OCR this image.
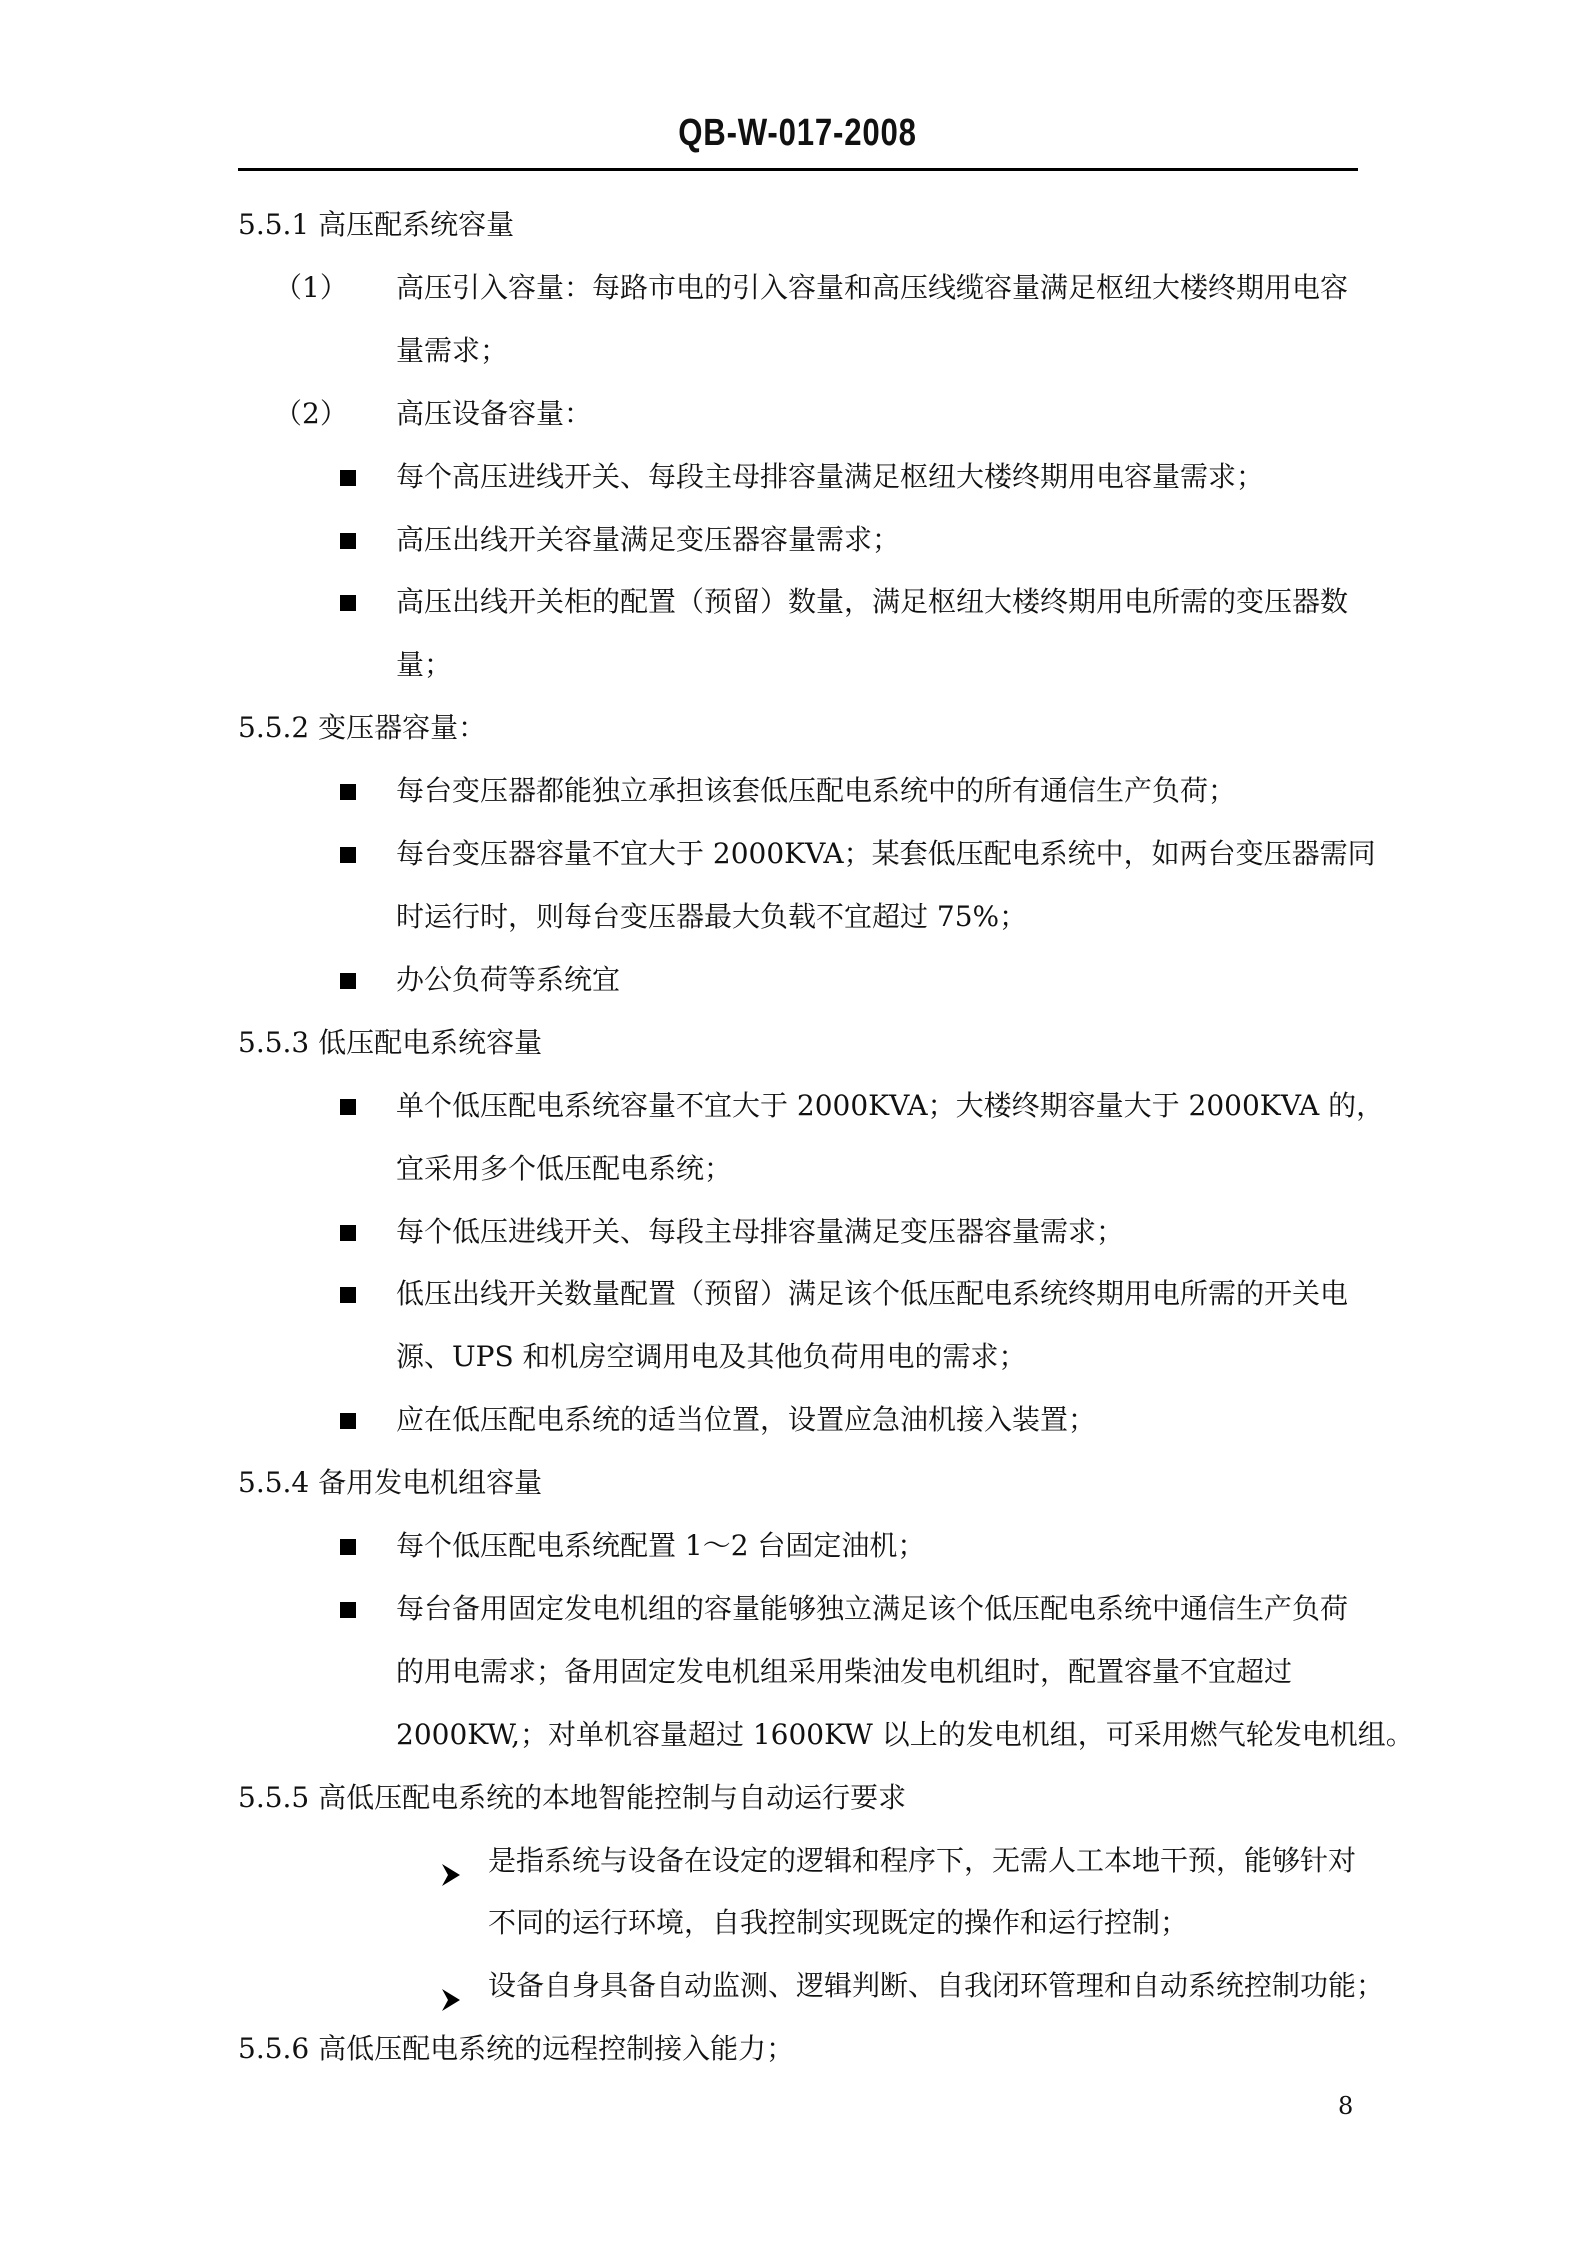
QB-W-017-2008
5.5.1 高压配系统容量
（1） 高压引入容量：每路市电的引入容量和高压线缆容量满足枢纽大楼终期用电容
量需求；
（2） 高压设备容量：
每个高压进线开关、每段主母排容量满足枢纽大楼终期用电容量需求；
高压出线开关容量满足变压器容量需求；
高压出线开关柜的配置（预留）数量，满足枢纽大楼终期用电所需的变压器数
量；
5.5.2 变压器容量：
每台变压器都能独立承担该套低压配电系统中的所有通信生产负荷；
每台变压器容量不宜大于 2000KVA；某套低压配电系统中，如两台变压器需同
时运行时，则每台变压器最大负载不宜超过 75%；
办公负荷等系统宜
5.5.3 低压配电系统容量
单个低压配电系统容量不宜大于 2000KVA；大楼终期容量大于 2000KVA 的，
宜采用多个低压配电系统；
每个低压进线开关、每段主母排容量满足变压器容量需求；
低压出线开关数量配置（预留）满足该个低压配电系统终期用电所需的开关电
源、UPS 和机房空调用电及其他负荷用电的需求；
应在低压配电系统的适当位置，设置应急油机接入装置；
5.5.4 备用发电机组容量
每个低压配电系统配置 1～2 台固定油机；
每台备用固定发电机组的容量能够独立满足该个低压配电系统中通信生产负荷
的用电需求；备用固定发电机组采用柴油发电机组时，配置容量不宜超过
2000KW,；对单机容量超过 1600KW 以上的发电机组，可采用燃气轮发电机组。
5.5.5 高低压配电系统的本地智能控制与自动运行要求
是指系统与设备在设定的逻辑和程序下，无需人工本地干预，能够针对
不同的运行环境，自我控制实现既定的操作和运行控制；
设备自身具备自动监测、逻辑判断、自我闭环管理和自动系统控制功能；
5.5.6 高低压配电系统的远程控制接入能力；
8
